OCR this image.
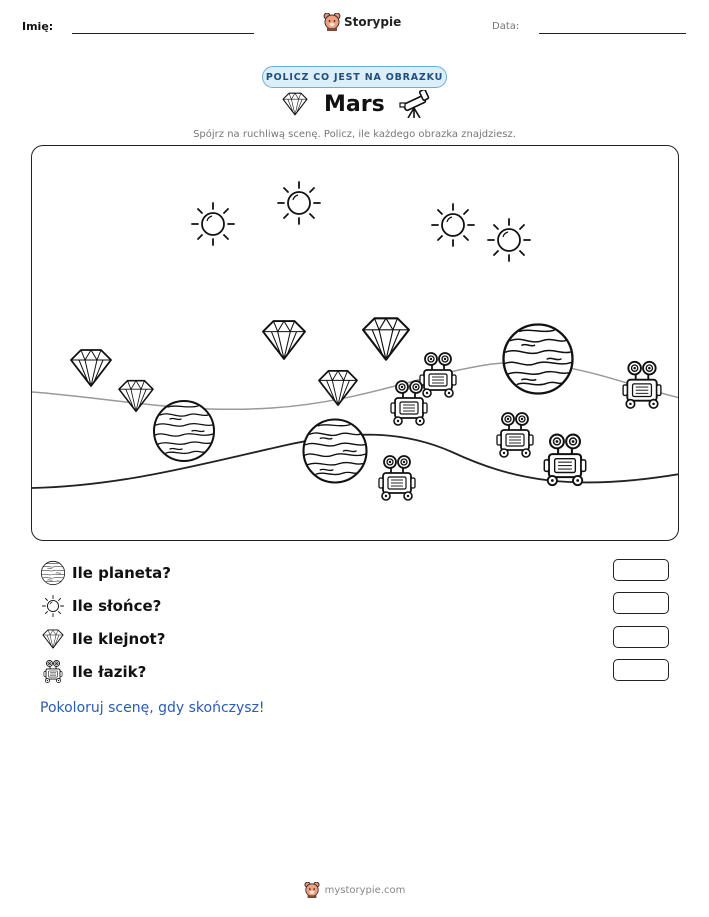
Imię:	Storypie	Data:
POLICZ CO JEST NA OBRAZKU
Mars
Spójrz na ruchliwą scenę. Policz, ile każdego obrazka znajdziesz.
Ile planeta?
Ile słońce?
Ile klejnot?
Ile łazik?
Pokoloruj scenę, gdy skończysz!
mystorypie.com
